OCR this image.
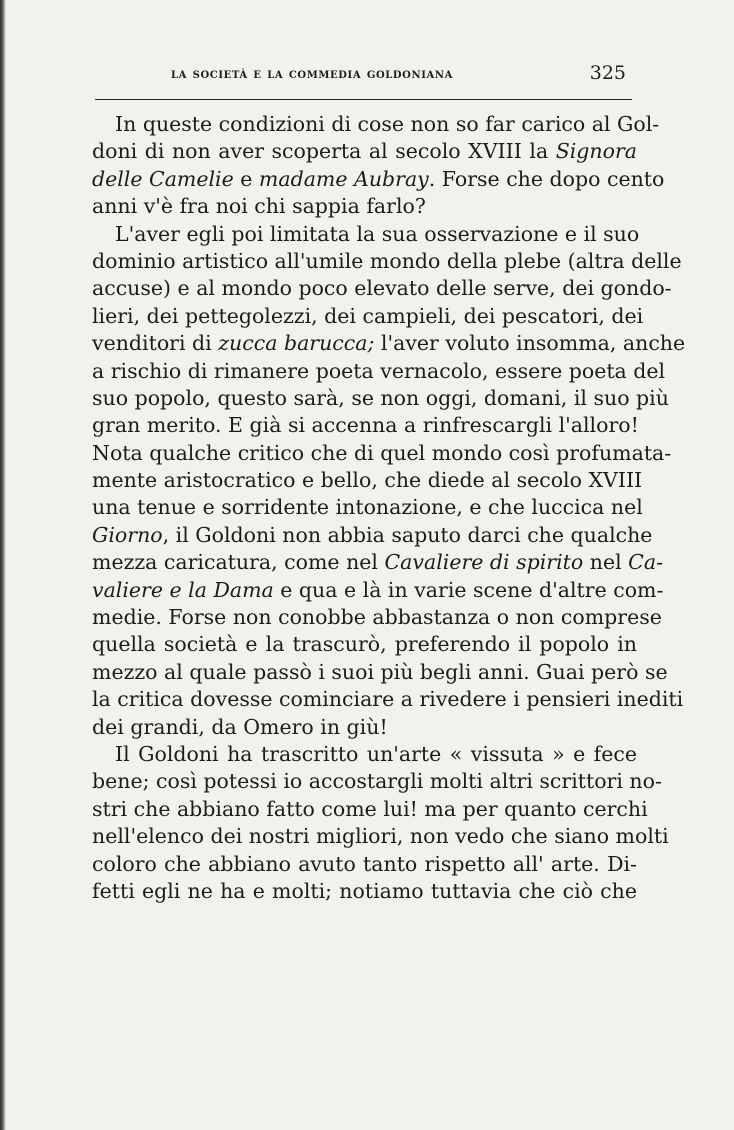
la società e la commedia goldoniana	325
In queste condizioni di cose non so far carico al Gol-
doni di non aver scoperta al secolo XVIII la Signora
delle Camelie e madame Aubray. Forse che dopo cento
anni v'è fra noi chi sappia farlo?
L'aver egli poi limitata la sua osservazione e il suo
dominio artistico all'umile mondo della plebe (altra delle
accuse) e al mondo poco elevato delle serve, dei gondo-
lieri, dei pettegolezzi, dei campieli, dei pescatori, dei
venditori di zucca barucca; l'aver voluto insomma, anche
a rischio di rimanere poeta vernacolo, essere poeta del
suo popolo, questo sarà, se non oggi, domani, il suo più
gran merito. E già si accenna a rinfrescargli l'alloro!
Nota qualche critico che di quel mondo così profumata-
mente aristocratico e bello, che diede al secolo XVIII
una tenue e sorridente intonazione, e che luccica nel
Giorno, il Goldoni non abbia saputo darci che qualche
mezza caricatura, come nel Cavaliere di spirito nel Ca-
valiere e la Dama e qua e là in varie scene d'altre com-
medie. Forse non conobbe abbastanza o non comprese
quella società e la trascurò, preferendo il popolo in
mezzo al quale passò i suoi più begli anni. Guai però se
la critica dovesse cominciare a rivedere i pensieri inediti
dei grandi, da Omero in giù!
Il Goldoni ha trascritto un'arte « vissuta » e fece
bene; così potessi io accostargli molti altri scrittori no-
stri che abbiano fatto come lui! ma per quanto cerchi
nell'elenco dei nostri migliori, non vedo che siano molti
coloro che abbiano avuto tanto rispetto all' arte. Di-
fetti egli ne ha e molti; notiamo tuttavia che ciò che
